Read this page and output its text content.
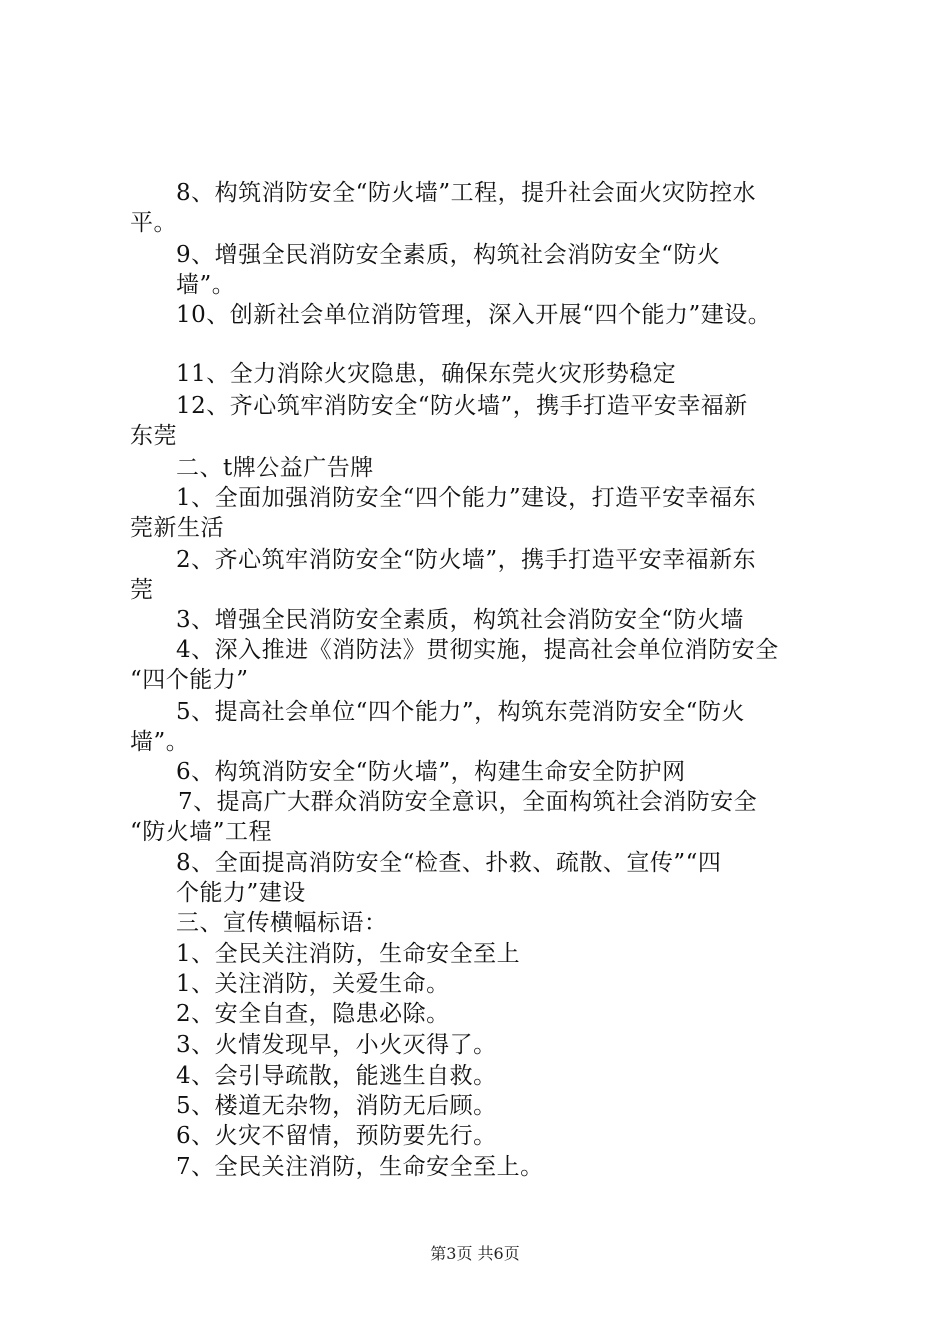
8、构筑消防安全“防火墙”工程，提升社会面火灾防控水
平。
9、增强全民消防安全素质，构筑社会消防安全“防火
墙”。
10、创新社会单位消防管理，深入开展“四个能力”建设。
11、全力消除火灾隐患，确保东莞火灾形势稳定
12、齐心筑牢消防安全“防火墙”，携手打造平安幸福新
东莞
二、t牌公益广告牌
1、全面加强消防安全“四个能力”建设，打造平安幸福东
莞新生活
2、齐心筑牢消防安全“防火墙”，携手打造平安幸福新东
莞
3、增强全民消防安全素质，构筑社会消防安全“防火墙
4、深入推进《消防法》贯彻实施，提高社会单位消防安全
“四个能力”
5、提高社会单位“四个能力”，构筑东莞消防安全“防火
墙”。
6、构筑消防安全“防火墙”，构建生命安全防护网
7、提高广大群众消防安全意识，全面构筑社会消防安全
“防火墙”工程
8、全面提高消防安全“检查、扑救、疏散、宣传”“四
个能力”建设
三、宣传横幅标语：
1、全民关注消防，生命安全至上
1、关注消防，关爱生命。
2、安全自查，隐患必除。
3、火情发现早，小火灭得了。
4、会引导疏散，能逃生自救。
5、楼道无杂物，消防无后顾。
6、火灾不留情，预防要先行。
7、全民关注消防，生命安全至上。
第3页 共6页
